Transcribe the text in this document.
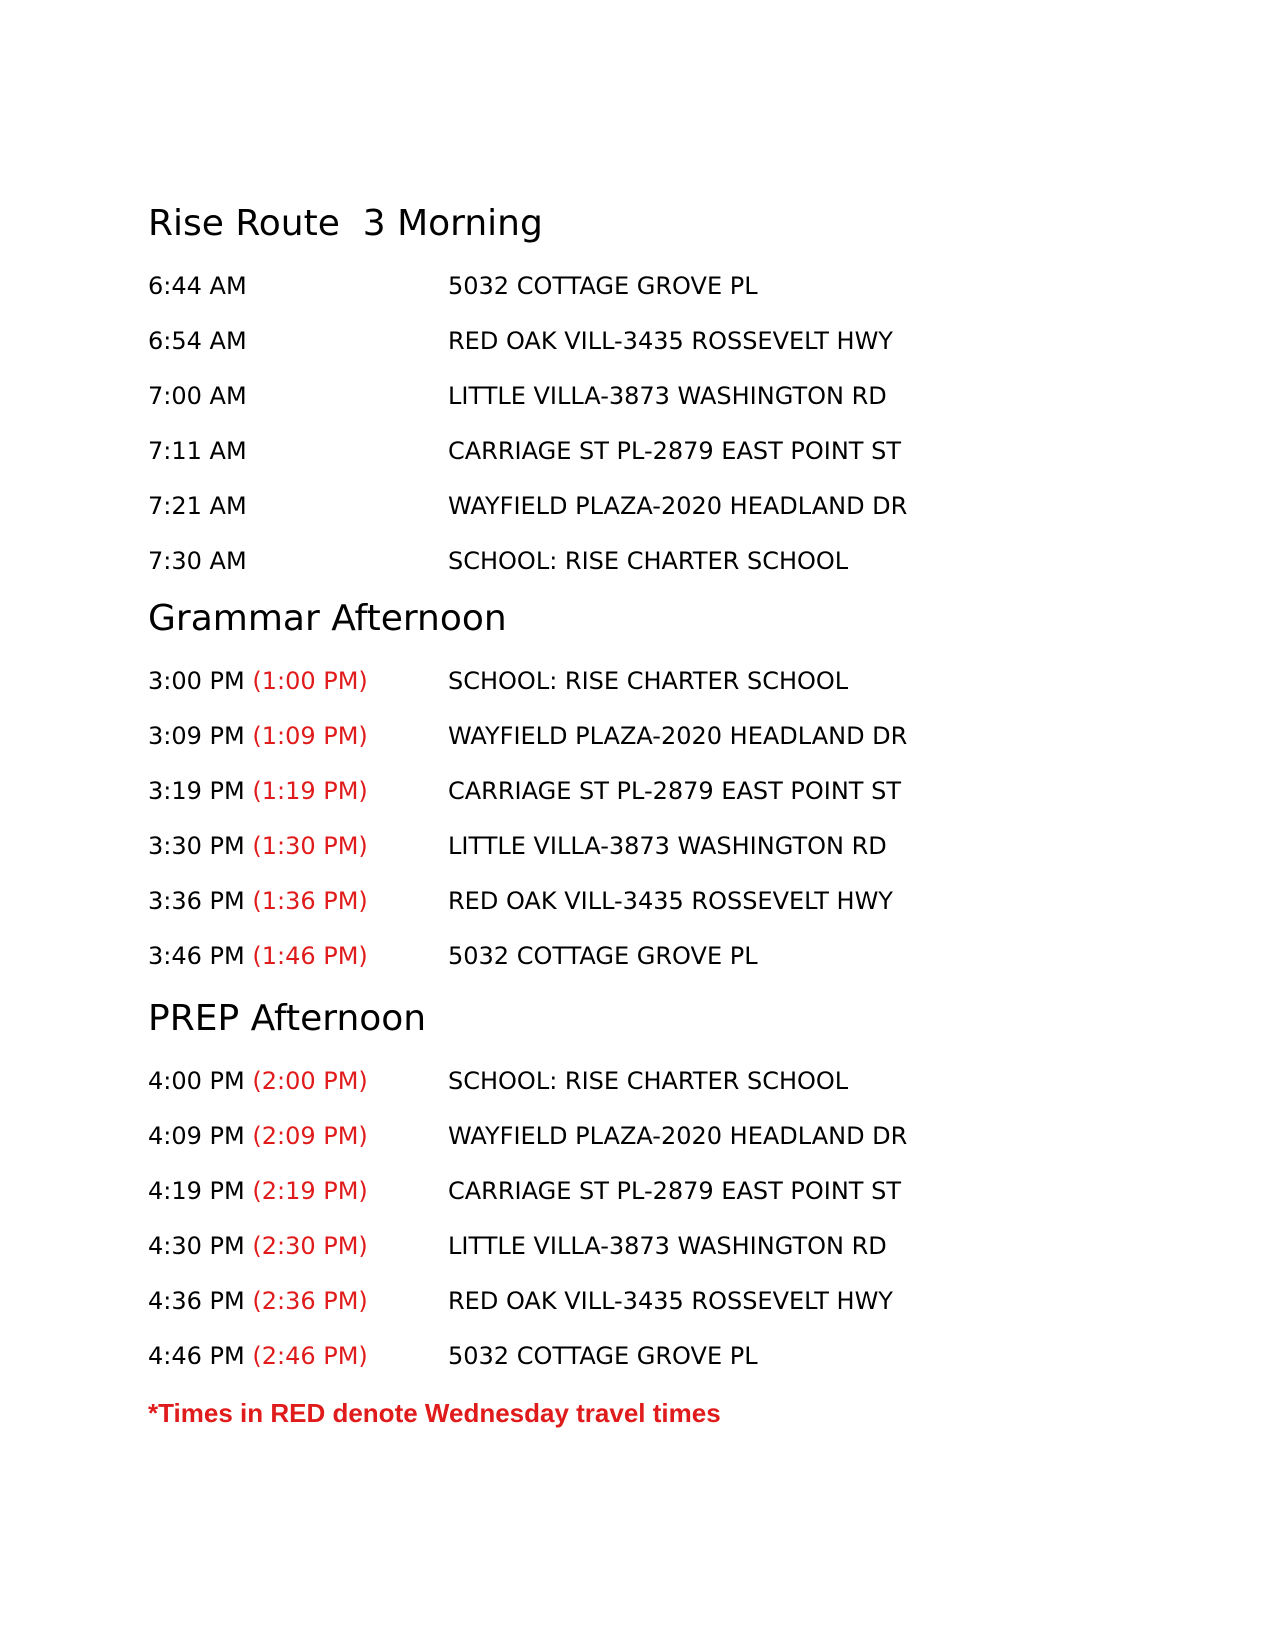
Rise Route  3 Morning
6:44 AM	5032 COTTAGE GROVE PL
6:54 AM	RED OAK VILL-3435 ROSSEVELT HWY
7:00 AM	LITTLE VILLA-3873 WASHINGTON RD
7:11 AM	CARRIAGE ST PL-2879 EAST POINT ST
7:21 AM	WAYFIELD PLAZA-2020 HEADLAND DR
7:30 AM	SCHOOL: RISE CHARTER SCHOOL
Grammar Afternoon
3:00 PM (1:00 PM)	SCHOOL: RISE CHARTER SCHOOL
3:09 PM (1:09 PM)	WAYFIELD PLAZA-2020 HEADLAND DR
3:19 PM (1:19 PM)	CARRIAGE ST PL-2879 EAST POINT ST
3:30 PM (1:30 PM)	LITTLE VILLA-3873 WASHINGTON RD
3:36 PM (1:36 PM)	RED OAK VILL-3435 ROSSEVELT HWY
3:46 PM (1:46 PM)	5032 COTTAGE GROVE PL
PREP Afternoon
4:00 PM (2:00 PM)	SCHOOL: RISE CHARTER SCHOOL
4:09 PM (2:09 PM)	WAYFIELD PLAZA-2020 HEADLAND DR
4:19 PM (2:19 PM)	CARRIAGE ST PL-2879 EAST POINT ST
4:30 PM (2:30 PM)	LITTLE VILLA-3873 WASHINGTON RD
4:36 PM (2:36 PM)	RED OAK VILL-3435 ROSSEVELT HWY
4:46 PM (2:46 PM)	5032 COTTAGE GROVE PL
*Times in RED denote Wednesday travel times
